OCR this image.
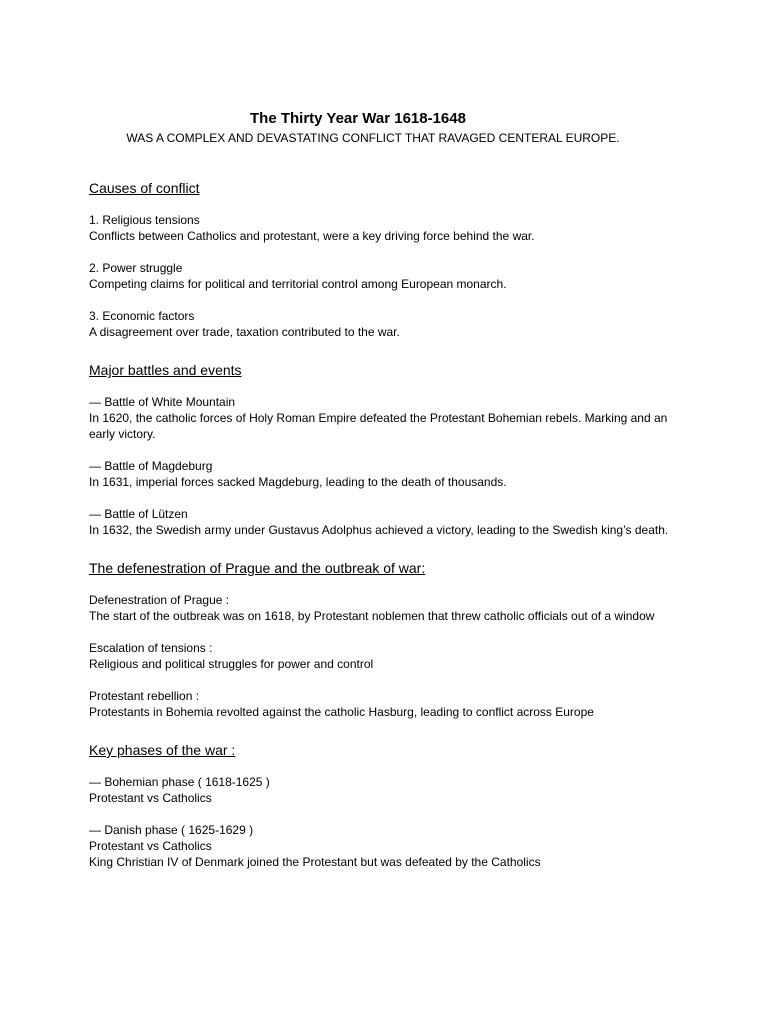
The Thirty Year War 1618-1648
WAS A COMPLEX AND DEVASTATING CONFLICT THAT RAVAGED CENTERAL EUROPE.

Causes of conflict

1. Religious tensions

Conflicts between Catholics and protestant, were a key driving force behind the war.

2. Power struggle

Competing claims for political and territorial control among European monarch.

3. Economic factors

A disagreement over trade, taxation contributed to the war.

Major battles and events

— Battle of White Mountain

In 1620, the catholic forces of Holy Roman Empire defeated the Protestant Bohemian rebels. Marking and an early victory.

— Battle of Magdeburg

In 1631, imperial forces sacked Magdeburg, leading to the death of thousands.

— Battle of Lützen

In 1632, the Swedish army under Gustavus Adolphus achieved a victory, leading to the Swedish king’s death.

The defenestration of Prague and the outbreak of war:

Defenestration of Prague :

The start of the outbreak was on 1618, by Protestant noblemen that threw catholic officials out of a window

Escalation of tensions :

Religious and political struggles for power and control

Protestant rebellion :

Protestants in Bohemia revolted against the catholic Hasburg, leading to conflict across Europe

Key phases of the war :

— Bohemian phase ( 1618-1625 )

Protestant vs Catholics

— Danish phase ( 1625-1629 )

Protestant vs Catholics

King Christian IV of Denmark joined the Protestant but was defeated by the Catholics
